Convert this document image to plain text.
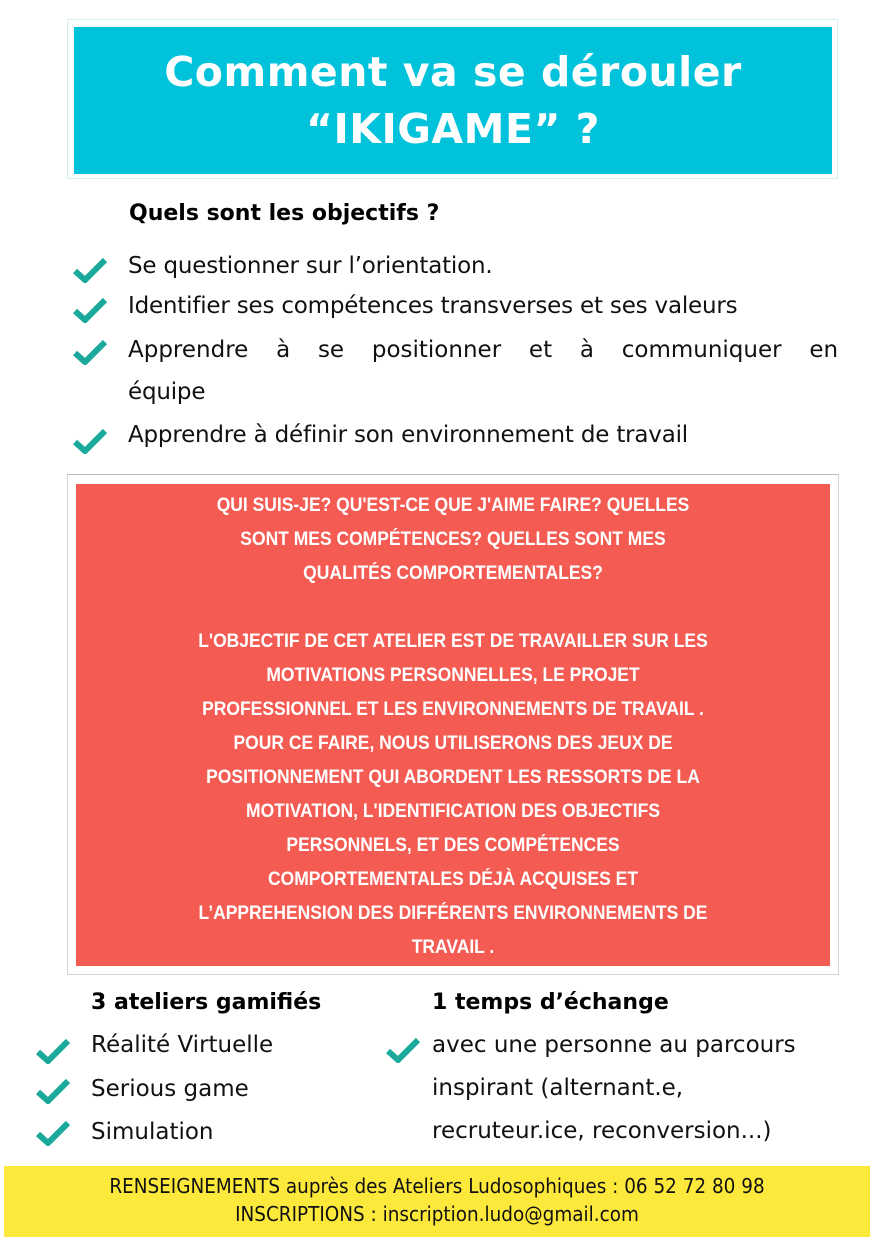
Comment va se dérouler
“IKIGAME” ?
Quels sont les objectifs ?
Se questionner sur l’orientation.
Identifier ses compétences transverses et ses valeurs
Apprendre à se positionner et à communiquer en
équipe
Apprendre à définir son environnement de travail
QUI SUIS-JE? QU'EST-CE QUE J'AIME FAIRE? QUELLES
SONT MES COMPÉTENCES? QUELLES SONT MES
QUALITÉS COMPORTEMENTALES?
L'OBJECTIF DE CET ATELIER EST DE TRAVAILLER SUR LES
MOTIVATIONS PERSONNELLES, LE PROJET
PROFESSIONNEL ET LES ENVIRONNEMENTS DE TRAVAIL .
POUR CE FAIRE, NOUS UTILISERONS DES JEUX DE
POSITIONNEMENT QUI ABORDENT LES RESSORTS DE LA
MOTIVATION, L'IDENTIFICATION DES OBJECTIFS
PERSONNELS, ET DES COMPÉTENCES
COMPORTEMENTALES DÉJÀ ACQUISES ET
L’APPREHENSION DES DIFFÉRENTS ENVIRONNEMENTS DE
TRAVAIL .
3 ateliers gamifiés
Réalité Virtuelle
Serious game
Simulation
1 temps d’échange
avec une personne au parcours
inspirant (alternant.e,
recruteur.ice, reconversion...)
RENSEIGNEMENTS auprès des Ateliers Ludosophiques : 06 52 72 80 98
INSCRIPTIONS : inscription.ludo@gmail.com
